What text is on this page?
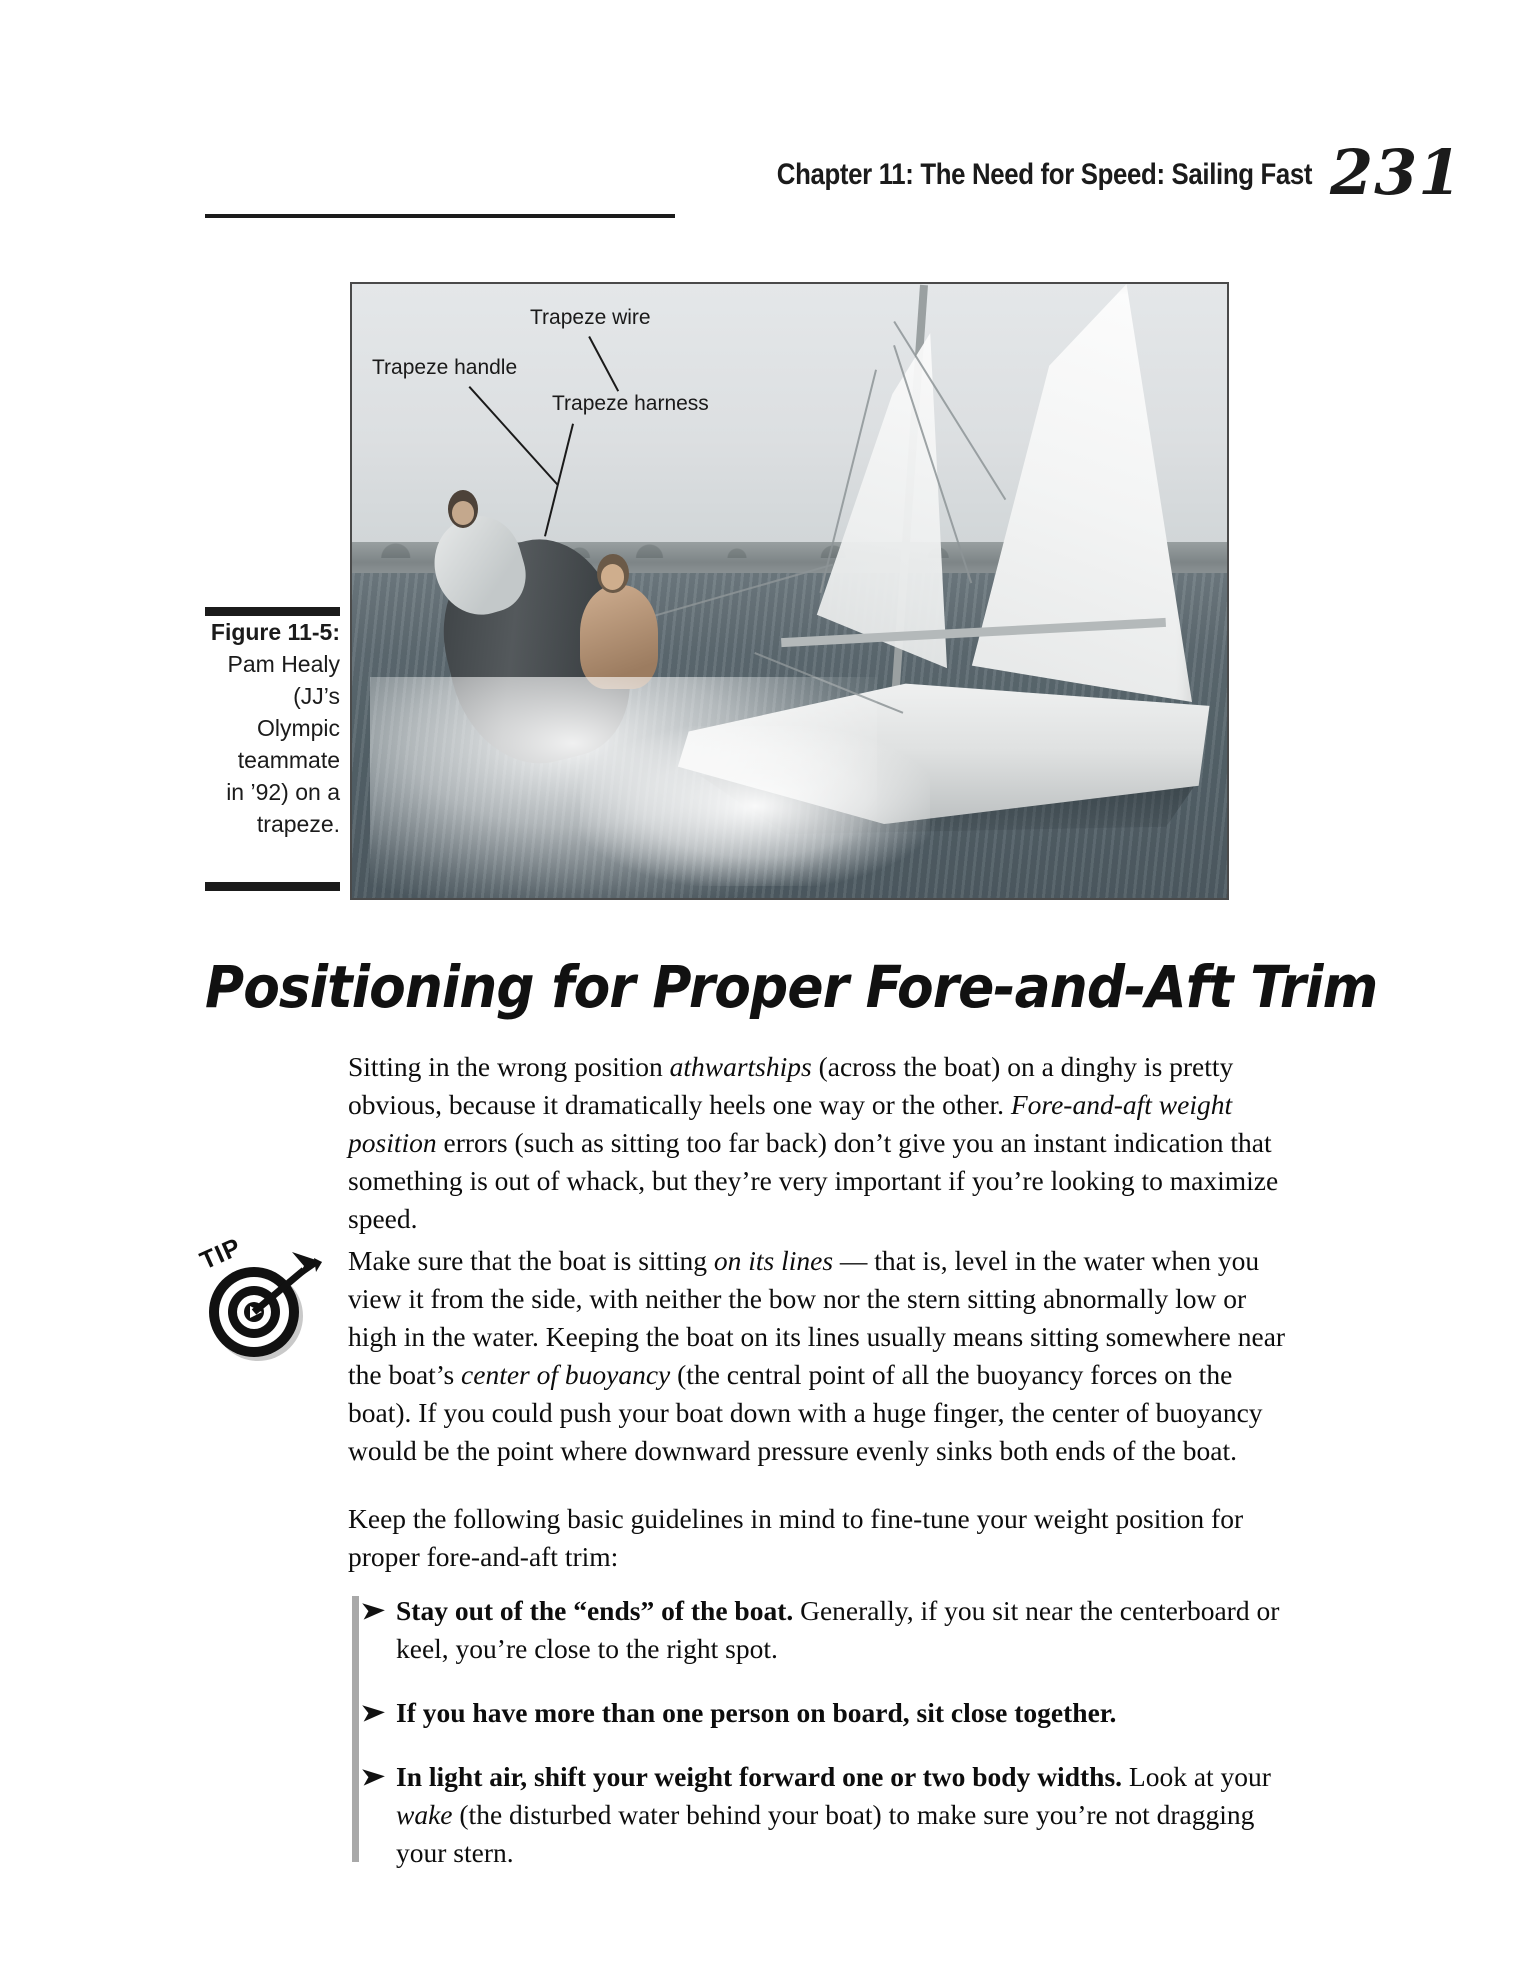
Chapter 11: The Need for Speed: Sailing Fast 231
Figure 11-5:
Pam Healy
(JJ’s
Olympic
teammate
in ’92) on a
trapeze.
Trapeze wire
Trapeze handle
Trapeze harness
Positioning for Proper Fore-and-Aft Trim
Sitting in the wrong position athwartships (across the boat) on a dinghy is pretty obvious, because it dramatically heels one way or the other. Fore-and-aft weight position errors (such as sitting too far back) don’t give you an instant indication that something is out of whack, but they’re very important if you’re looking to maximize speed.
Make sure that the boat is sitting on its lines — that is, level in the water when you view it from the side, with neither the bow nor the stern sitting abnormally low or high in the water. Keeping the boat on its lines usually means sitting somewhere near the boat’s center of buoyancy (the central point of all the buoyancy forces on the boat). If you could push your boat down with a huge finger, the center of buoyancy would be the point where downward pressure evenly sinks both ends of the boat.
Keep the following basic guidelines in mind to fine-tune your weight position for proper fore-and-aft trim:
TIP
➤ Stay out of the “ends” of the boat. Generally, if you sit near the centerboard or keel, you’re close to the right spot.
➤ If you have more than one person on board, sit close together.
➤ In light air, shift your weight forward one or two body widths. Look at your wake (the disturbed water behind your boat) to make sure you’re not dragging your stern.
